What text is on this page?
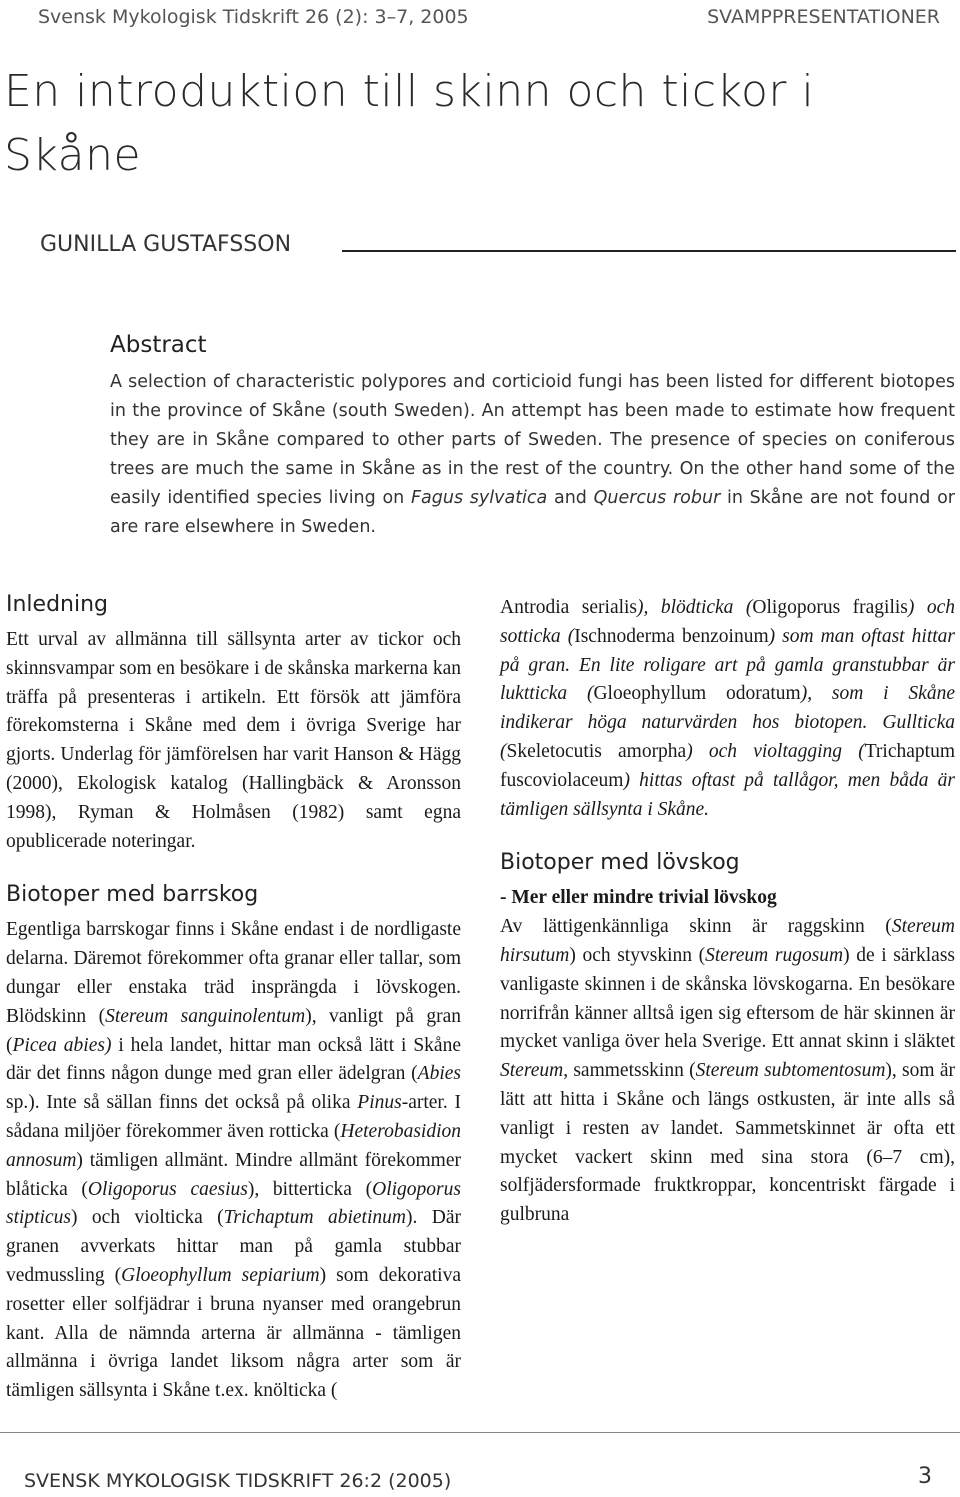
Svensk Mykologisk Tidskrift 26 (2): 3–7, 2005	SVAMPPRESENTATIONER
En introduktion till skinn och tickor i Skåne
GUNILLA GUSTAFSSON
Abstract
A selection of characteristic polypores and corticioid fungi has been listed for different biotopes in the province of Skåne (south Sweden). An attempt has been made to estimate how frequent they are in Skåne compared to other parts of Sweden. The presence of species on coniferous trees are much the same in Skåne as in the rest of the country. On the other hand some of the easily identified species living on Fagus sylvatica and Quercus robur in Skåne are not found or are rare elsewhere in Sweden.
Inledning

Ett urval av allmänna till sällsynta arter av tickor och skinnsvampar som en besökare i de skånska markerna kan träffa på presenteras i artikeln. Ett försök att jämföra förekomsterna i Skåne med dem i övriga Sverige har gjorts. Underlag för jämförelsen har varit Hanson & Hägg (2000), Ekologisk katalog (Hallingbäck & Aronsson 1998), Ryman & Holmåsen (1982) samt egna opublicerade noteringar.

Biotoper med barrskog

Egentliga barrskogar finns i Skåne endast i de nordligaste delarna. Däremot förekommer ofta granar eller tallar, som dungar eller enstaka träd insprängda i lövskogen. Blödskinn (Stereum sanguinolentum), vanligt på gran (Picea abies) i hela landet, hittar man också lätt i Skåne där det finns någon dunge med gran eller ädelgran (Abies sp.). Inte så sällan finns det också på olika Pinus-arter. I sådana miljöer förekommer även rotticka (Heterobasidion annosum) tämligen allmänt. Mindre allmänt förekommer blåticka (Oligoporus caesius), bitterticka (Oligoporus stipticus) och violticka (Trichaptum abietinum). Där granen avverkats hittar man på gamla stubbar vedmussling (Gloeophyllum sepiarium) som dekorativa rosetter eller solfjädrar i bruna nyanser med orangebrun kant. Alla de nämnda arterna är allmänna - tämligen allmänna i övriga landet liksom några arter som är tämligen sällsynta i Skåne t.ex. knölticka (

Antrodia serialis), blödticka (Oligoporus fragilis) och sotticka (Ischnoderma benzoinum) som man oftast hittar på gran. En lite roligare art på gamla granstubbar är luktticka (Gloeophyllum odoratum), som i Skåne indikerar höga naturvärden hos biotopen. Gullticka (Skeletocutis amorpha) och violtagging (Trichaptum fuscoviolaceum) hittas oftast på tallågor, men båda är tämligen sällsynta i Skåne.

Biotoper med lövskog
- Mer eller mindre trivial lövskog

Av lättigenkännliga skinn är raggskinn (Stereum hirsutum) och styvskinn (Stereum rugosum) de i särklass vanligaste skinnen i de skånska lövskogarna. En besökare norrifrån känner alltså igen sig eftersom de här skinnen är mycket vanliga över hela Sverige. Ett annat skinn i släktet Stereum, sammetsskinn (Stereum subtomentosum), som är lätt att hitta i Skåne och längs ostkusten, är inte alls så vanligt i resten av landet. Sammetskinnet är ofta ett mycket vackert skinn med sina stora (6–7 cm), solfjädersformade fruktkroppar, koncentriskt färgade i gulbruna

SVENSK MYKOLOGISK TIDSKRIFT 26:2 (2005)	3
